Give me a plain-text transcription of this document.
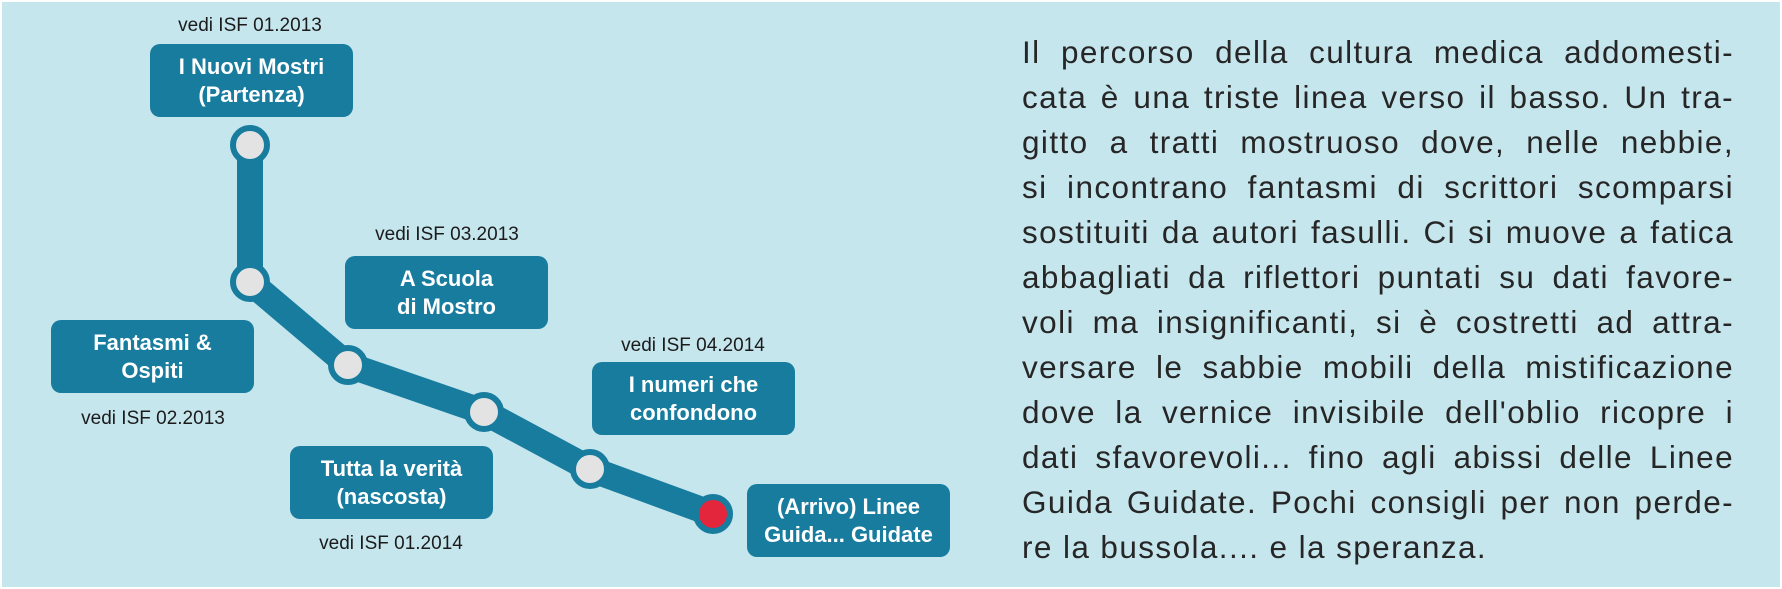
vedi ISF 01.2013
I Nuovi Mostri
(Partenza)
Fantasmi &
Ospiti
vedi ISF 02.2013
vedi ISF 03.2013
A Scuola
di Mostro
Tutta la verità
(nascosta)
vedi ISF 01.2014
vedi ISF 04.2014
I numeri che
confondono
(Arrivo) Linee
Guida... Guidate
Il percorso della cultura medica addomesti-
cata è una triste linea verso il basso. Un tra-
gitto a tratti mostruoso dove, nelle nebbie,
si incontrano fantasmi di scrittori scomparsi
sostituiti da autori fasulli. Ci si muove a fatica
abbagliati da riflettori puntati su dati favore-
voli ma insignificanti, si è costretti ad attra-
versare le sabbie mobili della mistificazione
dove la vernice invisibile dell'oblio ricopre i
dati sfavorevoli... fino agli abissi delle Linee
Guida Guidate. Pochi consigli per non perde-
re la bussola.... e la speranza.
